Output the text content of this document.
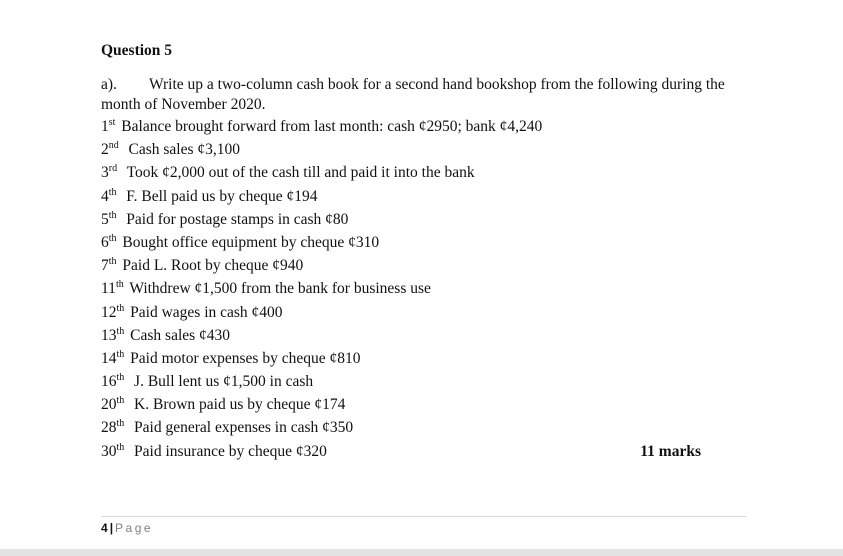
Question 5
a). Write up a two-column cash book for a second hand bookshop from the following during the month of November 2020.
1st Balance brought forward from last month: cash ¢2950; bank ¢4,240
2nd  Cash sales ¢3,100
3rd  Took ¢2,000 out of the cash till and paid it into the bank
4th  F. Bell paid us by cheque ¢194
5th  Paid for postage stamps in cash ¢80
6th Bought office equipment by cheque ¢310
7th Paid L. Root by cheque ¢940
11th Withdrew ¢1,500 from the bank for business use
12th Paid wages in cash ¢400
13th Cash sales ¢430
14th Paid motor expenses by cheque ¢810
16th  J. Bull lent us ¢1,500 in cash
20th  K. Brown paid us by cheque ¢174
28th  Paid general expenses in cash ¢350
30th  Paid insurance by cheque ¢320	11 marks
4 | Page
